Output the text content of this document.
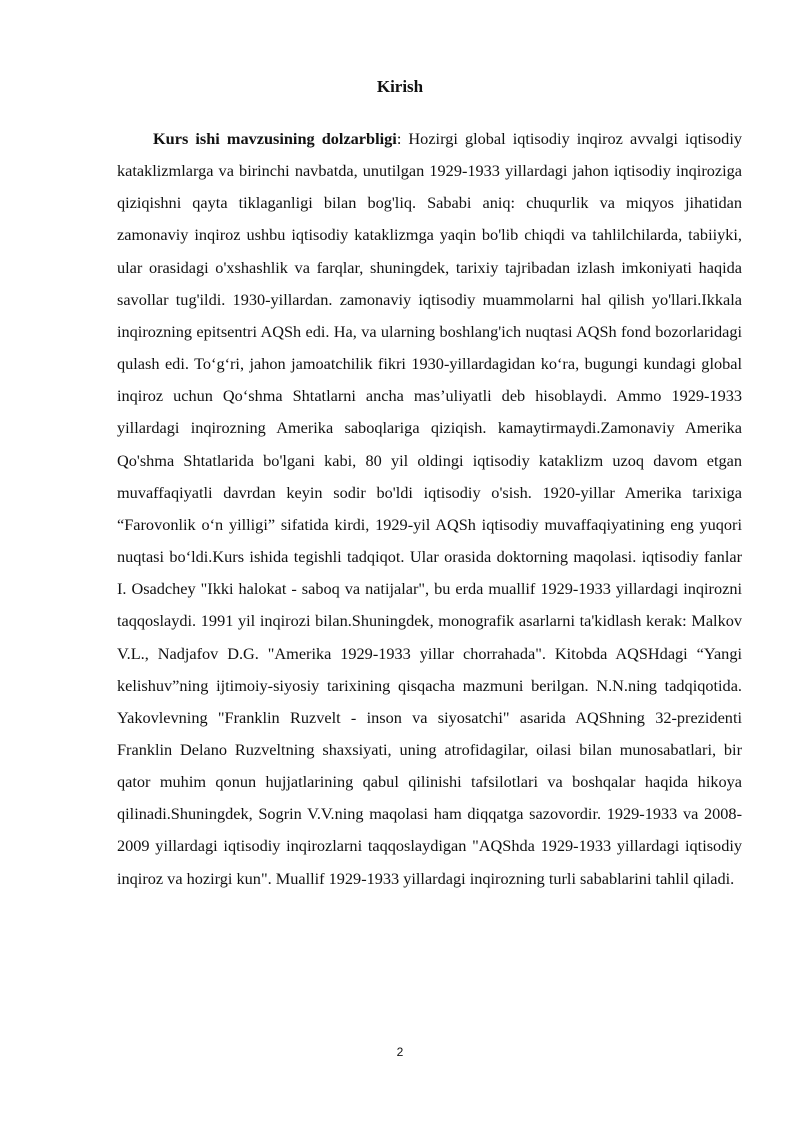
Kirish

Kurs ishi mavzusining dolzarbligi: Hozirgi global iqtisodiy inqiroz avvalgi iqtisodiy kataklizmlarga va birinchi navbatda, unutilgan 1929-1933 yillardagi jahon iqtisodiy inqiroziga qiziqishni qayta tiklaganligi bilan bog'liq. Sababi aniq: chuqurlik va miqyos jihatidan zamonaviy inqiroz ushbu iqtisodiy kataklizmga yaqin bo'lib chiqdi va tahlilchilarda, tabiiyki, ular orasidagi o'xshashlik va farqlar, shuningdek, tarixiy tajribadan izlash imkoniyati haqida savollar tug'ildi. 1930-yillardan. zamonaviy iqtisodiy muammolarni hal qilish yo'llari.Ikkala inqirozning epitsentri AQSh edi. Ha, va ularning boshlang'ich nuqtasi AQSh fond bozorlaridagi qulash edi. To‘g‘ri, jahon jamoatchilik fikri 1930-yillardagidan ko‘ra, bugungi kundagi global inqiroz uchun Qo‘shma Shtatlarni ancha mas’uliyatli deb hisoblaydi. Ammo 1929-1933 yillardagi inqirozning Amerika saboqlariga qiziqish. kamaytirmaydi.Zamonaviy Amerika Qo'shma Shtatlarida bo'lgani kabi, 80 yil oldingi iqtisodiy kataklizm uzoq davom etgan muvaffaqiyatli davrdan keyin sodir bo'ldi iqtisodiy o'sish. 1920-yillar Amerika tarixiga “Farovonlik o‘n yilligi” sifatida kirdi, 1929-yil AQSh iqtisodiy muvaffaqiyatining eng yuqori nuqtasi bo‘ldi.Kurs ishida tegishli tadqiqot. Ular orasida doktorning maqolasi. iqtisodiy fanlar I. Osadchey "Ikki halokat - saboq va natijalar", bu erda muallif 1929-1933 yillardagi inqirozni taqqoslaydi. 1991 yil inqirozi bilan.Shuningdek, monografik asarlarni ta'kidlash kerak: Malkov V.L., Nadjafov D.G. "Amerika 1929-1933 yillar chorrahada". Kitobda AQSHdagi “Yangi kelishuv”ning ijtimoiy-siyosiy tarixining qisqacha mazmuni berilgan. N.N.ning tadqiqotida. Yakovlevning "Franklin Ruzvelt - inson va siyosatchi" asarida AQShning 32-prezidenti Franklin Delano Ruzveltning shaxsiyati, uning atrofidagilar, oilasi bilan munosabatlari, bir qator muhim qonun hujjatlarining qabul qilinishi tafsilotlari va boshqalar haqida hikoya qilinadi.Shuningdek, Sogrin V.V.ning maqolasi ham diqqatga sazovordir. 1929-1933 va 2008-2009 yillardagi iqtisodiy inqirozlarni taqqoslaydigan "AQShda 1929-1933 yillardagi iqtisodiy inqiroz va hozirgi kun". Muallif 1929-1933 yillardagi inqirozning turli sabablarini tahlil qiladi.

2
